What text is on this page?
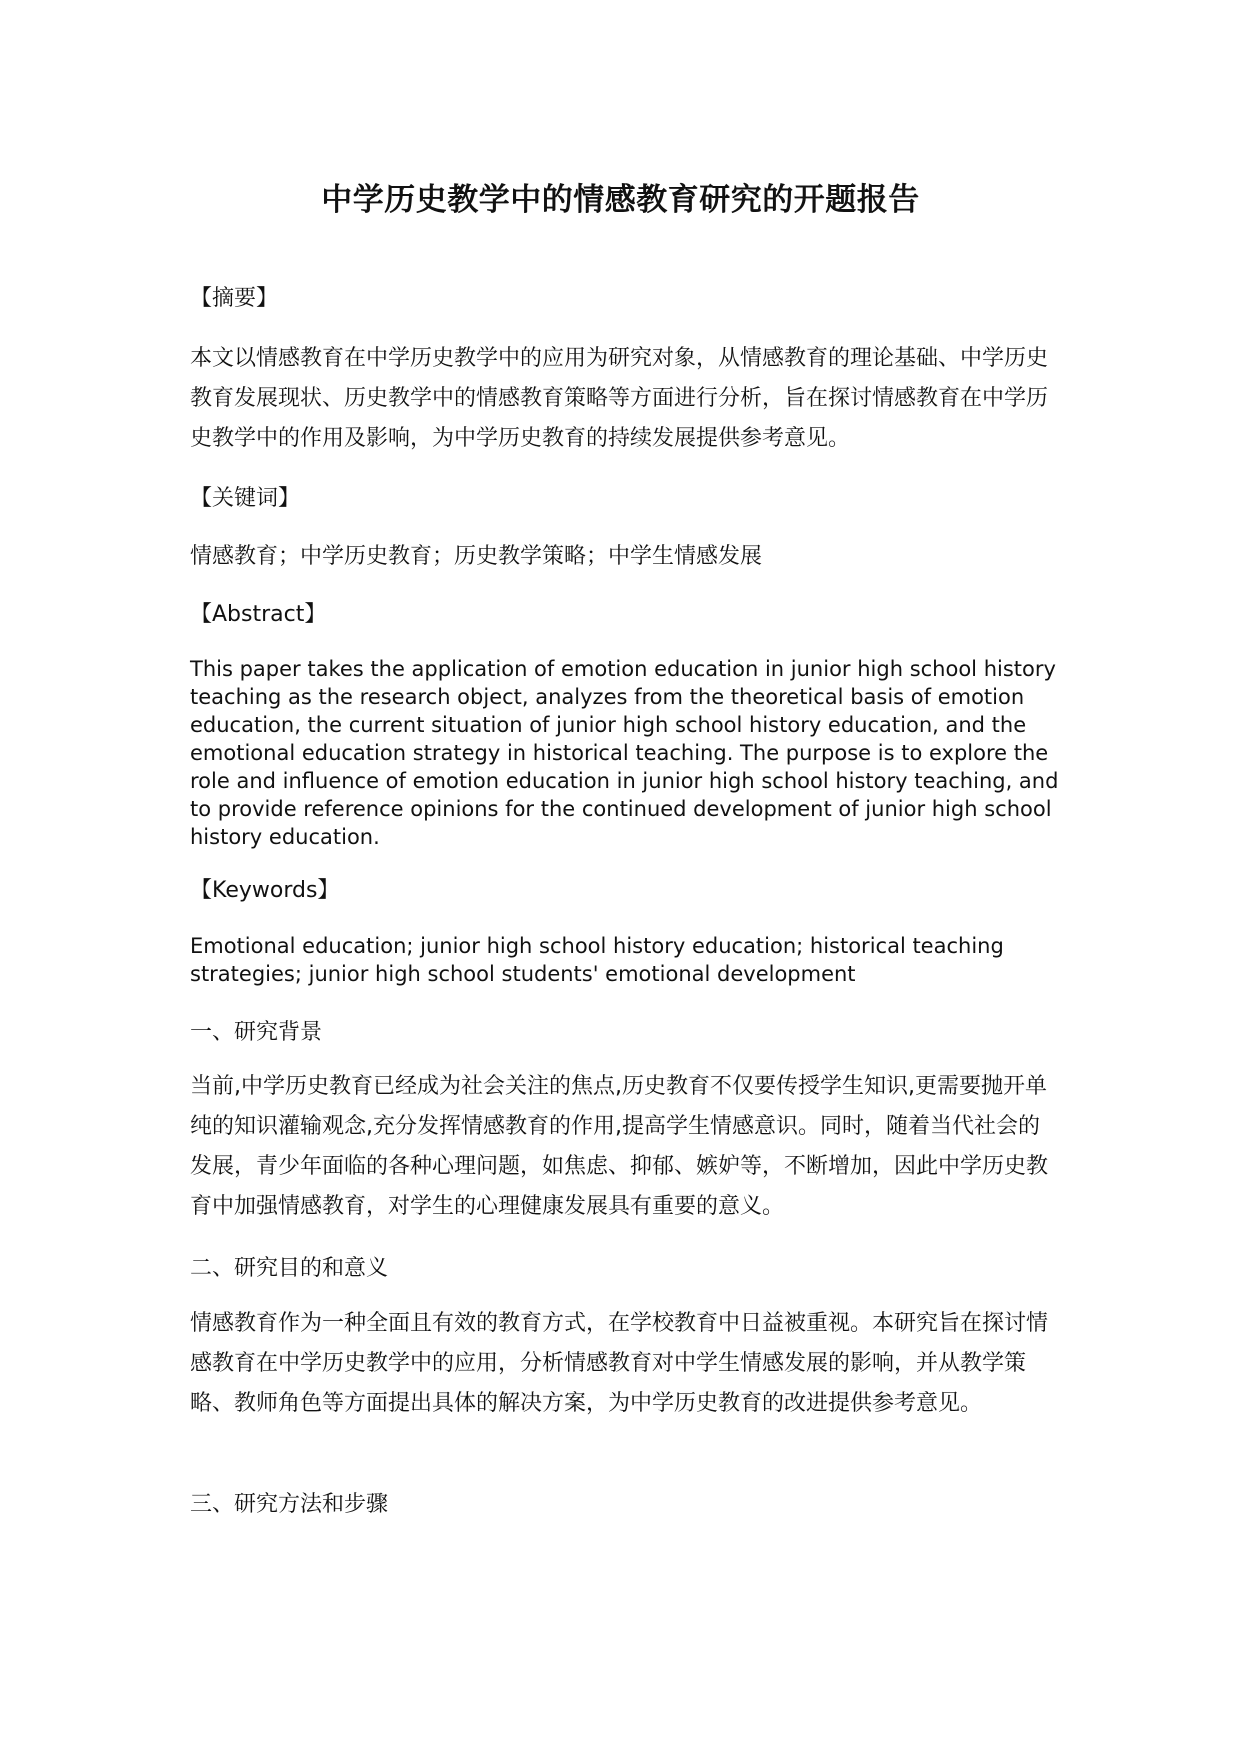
中学历史教学中的情感教育研究的开题报告

【摘要】

本文以情感教育在中学历史教学中的应用为研究对象，从情感教育的理论基础、中学历史教育发展现状、历史教学中的情感教育策略等方面进行分析，旨在探讨情感教育在中学历史教学中的作用及影响，为中学历史教育的持续发展提供参考意见。

【关键词】

情感教育；中学历史教育；历史教学策略；中学生情感发展

【Abstract】

This paper takes the application of emotion education in junior high school history teaching as the research object, analyzes from the theoretical basis of emotion education, the current situation of junior high school history education, and the emotional education strategy in historical teaching. The purpose is to explore the role and influence of emotion education in junior high school history teaching, and to provide reference opinions for the continued development of junior high school history education.

【Keywords】

Emotional education; junior high school history education; historical teaching strategies; junior high school students' emotional development

一、研究背景

当前,中学历史教育已经成为社会关注的焦点,历史教育不仅要传授学生知识,更需要抛开单纯的知识灌输观念,充分发挥情感教育的作用,提高学生情感意识。同时，随着当代社会的发展，青少年面临的各种心理问题，如焦虑、抑郁、嫉妒等，不断增加，因此中学历史教育中加强情感教育，对学生的心理健康发展具有重要的意义。

二、研究目的和意义

情感教育作为一种全面且有效的教育方式，在学校教育中日益被重视。本研究旨在探讨情感教育在中学历史教学中的应用，分析情感教育对中学生情感发展的影响，并从教学策略、教师角色等方面提出具体的解决方案，为中学历史教育的改进提供参考意见。

三、研究方法和步骤
